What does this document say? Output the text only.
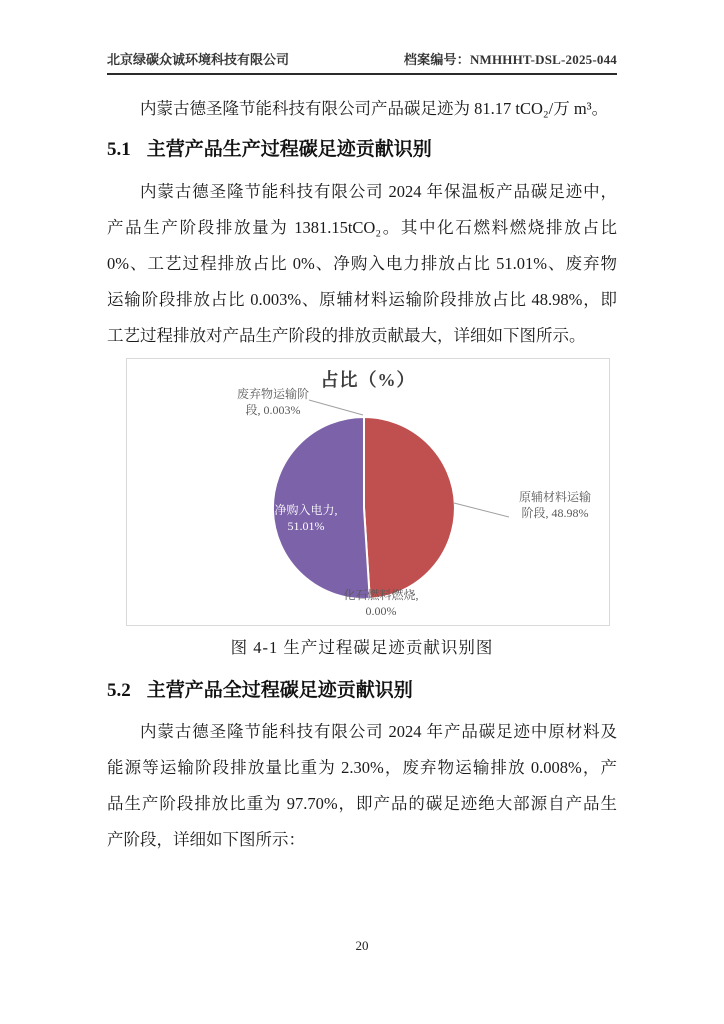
北京绿碳众诚环境科技有限公司	档案编号：NMHHHT-DSL-2025-044

内蒙古德圣隆节能科技有限公司产品碳足迹为 81.17 tCO₂/万 m³。

5.1 主营产品生产过程碳足迹贡献识别
内蒙古德圣隆节能科技有限公司 2024 年保温板产品碳足迹中，
产品生产阶段排放量为 1381.15tCO₂。其中化石燃料燃烧排放占比
0%、工艺过程排放占比 0%、净购入电力排放占比 51.01%、废弃物
运输阶段排放占比 0.003%、原辅材料运输阶段排放占比 48.98%，即
工艺过程排放对产品生产阶段的排放贡献最大，详细如下图所示。
占比（%）
废弃物运输阶
段, 0.003%
原辅材料运输
阶段, 48.98%
净购入电力,
51.01%
化石燃料燃烧,
0.00%
图 4-1 生产过程碳足迹贡献识别图
5.2 主营产品全过程碳足迹贡献识别
内蒙古德圣隆节能科技有限公司 2024 年产品碳足迹中原材料及
能源等运输阶段排放量比重为 2.30%，废弃物运输排放 0.008%，产
品生产阶段排放比重为 97.70%，即产品的碳足迹绝大部源自产品生
产阶段，详细如下图所示：
20
